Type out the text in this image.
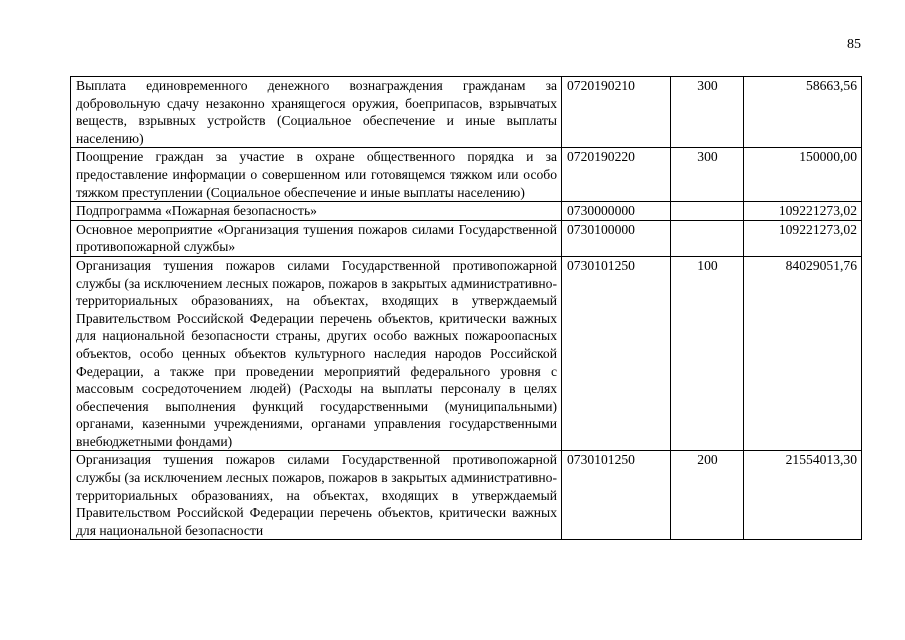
85
Выплата единовременного денежного вознаграждения гражданам за добровольную сдачу незаконно хранящегося оружия, боеприпасов, взрывчатых веществ, взрывных устройств (Социальное обеспечение и иные выплаты населению)	0720190210	300	58663,56
Поощрение граждан за участие в охране общественного порядка и за предоставление информации о совершенном или готовящемся тяжком или особо тяжком преступлении (Социальное обеспечение и иные выплаты населению)	0720190220	300	150000,00
Подпрограмма «Пожарная безопасность»	0730000000		109221273,02
Основное мероприятие «Организация тушения пожаров силами Государственной противопожарной службы»	0730100000		109221273,02
Организация тушения пожаров силами Государственной противопожарной службы (за исключением лесных пожаров, пожаров в закрытых административно-территориальных образованиях, на объектах, входящих в утверждаемый Правительством Российской Федерации перечень объектов, критически важных для национальной безопасности страны, других особо важных пожароопасных объектов, особо ценных объектов культурного наследия народов Российской Федерации, а также при проведении мероприятий федерального уровня с массовым сосредоточением людей) (Расходы на выплаты персоналу в целях обеспечения выполнения функций государственными (муниципальными) органами, казенными учреждениями, органами управления государственными внебюджетными фондами)	0730101250	100	84029051,76
Организация тушения пожаров силами Государственной противопожарной службы (за исключением лесных пожаров, пожаров в закрытых административно-территориальных образованиях, на объектах, входящих в утверждаемый Правительством Российской Федерации перечень объектов, критически важных для национальной безопасности	0730101250	200	21554013,30
